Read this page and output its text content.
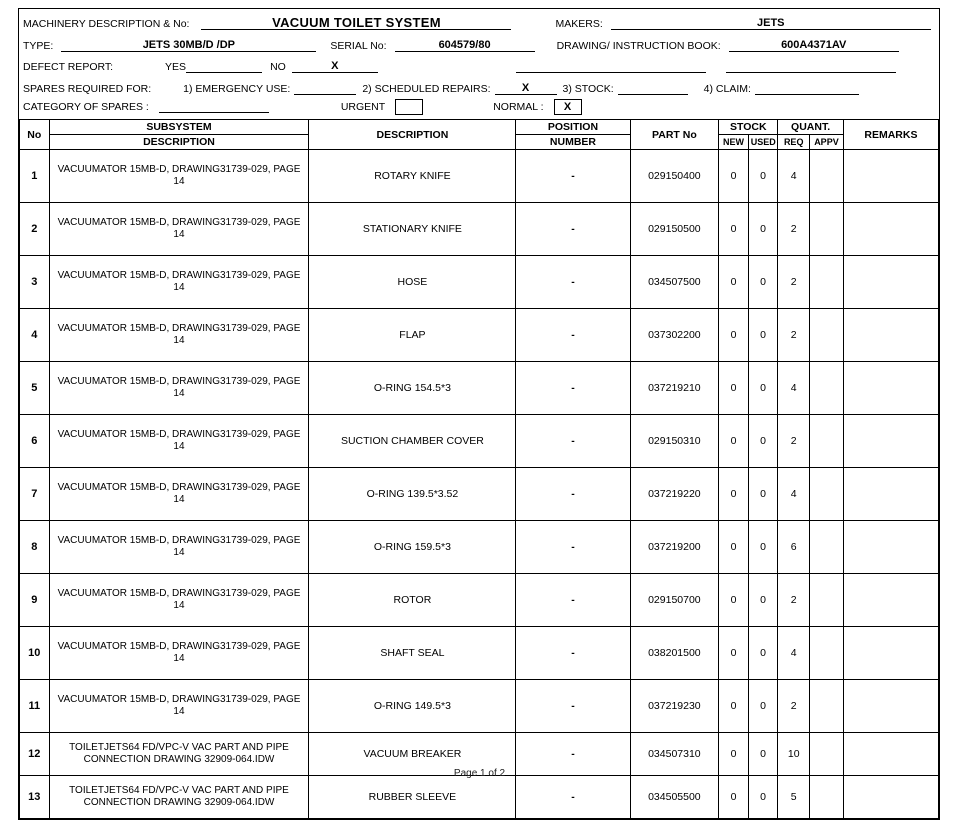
MACHINERY DESCRIPTION & No:	VACUUM TOILET SYSTEM	MAKERS:	JETS
TYPE:	JETS 30MB/D /DP	SERIAL No:	604579/80	DRAWING/ INSTRUCTION BOOK:	600A4371AV
DEFECT REPORT:	YES	NO	X
SPARES REQUIRED FOR:	1) EMERGENCY USE:	2) SCHEDULED REPAIRS:	X	3) STOCK:	4) CLAIM:
CATEGORY OF SPARES :	URGENT	NORMAL :	X
No	SUBSYSTEM	DESCRIPTION	POSITION	PART No	STOCK		QUANT.		REMARKS
	DESCRIPTION		NUMBER		NEW	USED	REQ	APPV	
1	VACUUMATOR 15MB-D, DRAWING31739-029, PAGE 14	ROTARY KNIFE	-	029150400	0	0	4		
2	VACUUMATOR 15MB-D, DRAWING31739-029, PAGE 14	STATIONARY KNIFE	-	029150500	0	0	2		
3	VACUUMATOR 15MB-D, DRAWING31739-029, PAGE 14	HOSE	-	034507500	0	0	2		
4	VACUUMATOR 15MB-D, DRAWING31739-029, PAGE 14	FLAP	-	037302200	0	0	2		
5	VACUUMATOR 15MB-D, DRAWING31739-029, PAGE 14	O-RING 154.5*3	-	037219210	0	0	4		
6	VACUUMATOR 15MB-D, DRAWING31739-029, PAGE 14	SUCTION CHAMBER COVER	-	029150310	0	0	2		
7	VACUUMATOR 15MB-D, DRAWING31739-029, PAGE 14	O-RING 139.5*3.52	-	037219220	0	0	4		
8	VACUUMATOR 15MB-D, DRAWING31739-029, PAGE 14	O-RING 159.5*3	-	037219200	0	0	6		
9	VACUUMATOR 15MB-D, DRAWING31739-029, PAGE 14	ROTOR	-	029150700	0	0	2		
10	VACUUMATOR 15MB-D, DRAWING31739-029, PAGE 14	SHAFT SEAL	-	038201500	0	0	4		
11	VACUUMATOR 15MB-D, DRAWING31739-029, PAGE 14	O-RING 149.5*3	-	037219230	0	0	2		
12	TOILETJETS64 FD/VPC-V VAC PART AND PIPE CONNECTION DRAWING 32909-064.IDW	VACUUM BREAKER	-	034507310	0	0	10		
13	TOILETJETS64 FD/VPC-V VAC PART AND PIPE CONNECTION DRAWING 32909-064.IDW	RUBBER SLEEVE	-	034505500	0	0	5		
Page 1 of 2
